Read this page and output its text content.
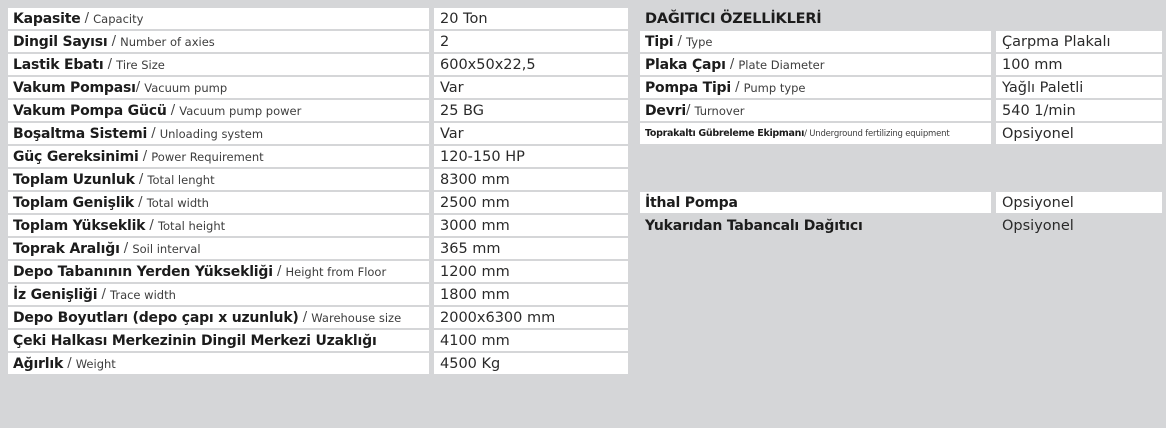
Kapasite / Capacity	20 Ton
Dingil Sayısı / Number of axies	2
Lastik Ebatı / Tire Size	600x50x22,5
Vakum Pompası / Vacuum pump	Var
Vakum Pompa Gücü / Vacuum pump power	25 BG
Boşaltma Sistemi / Unloading system	Var
Güç Gereksinimi / Power Requirement	120-150 HP
Toplam Uzunluk / Total lenght	8300 mm
Toplam Genişlik / Total width	2500 mm
Toplam Yükseklik / Total height	3000 mm
Toprak Aralığı / Soil interval	365 mm
Depo Tabanının Yerden Yüksekliği / Height from Floor	1200 mm
İz Genişliği / Trace width	1800 mm
Depo Boyutları (depo çapı x uzunluk) / Warehouse size	2000x6300 mm
Çeki Halkası Merkezinin Dingil Merkezi Uzaklığı	4100 mm
Ağırlık / Weight	4500 Kg
DAĞITICI ÖZELLİKLERİ
Tipi / Type	Çarpma Plakalı
Plaka Çapı / Plate Diameter	100 mm
Pompa Tipi / Pump type	Yağlı Paletli
Devri / Turnover	540 1/min
Toprakaltı Gübreleme Ekipmanı / Underground fertilizing equipment	Opsiyonel
İthal Pompa	Opsiyonel
Yukarıdan Tabancalı Dağıtıcı	Opsiyonel
